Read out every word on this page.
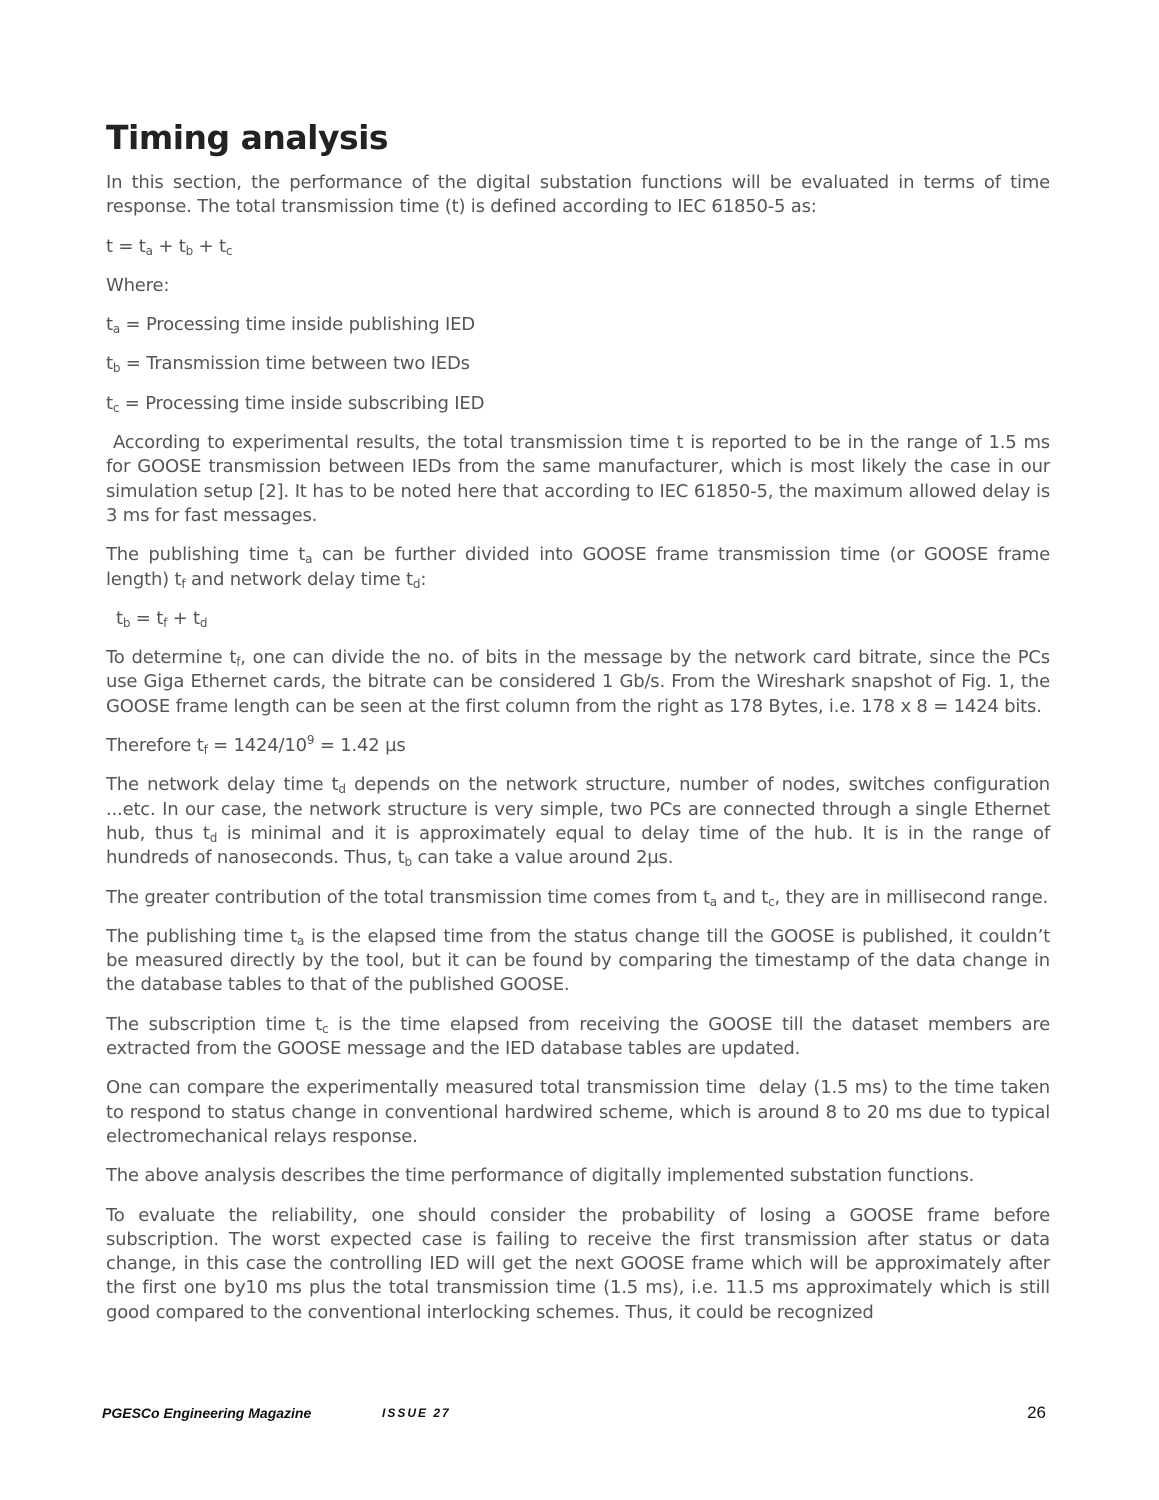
Timing analysis

In this section, the performance of the digital substation functions will be evaluated in terms of time response. The total transmission time (t) is defined according to IEC 61850-5 as:

$t = t_a + t_b + t_c$

Where:

$t_a$ = Processing time inside publishing IED

$t_b$ = Transmission time between two IEDs

$t_c$ = Processing time inside subscribing IED

According to experimental results, the total transmission time t is reported to be in the range of 1.5 ms for GOOSE transmission between IEDs from the same manufacturer, which is most likely the case in our simulation setup [2]. It has to be noted here that according to IEC 61850-5, the maximum allowed delay is 3 ms for fast messages.

The publishing time $t_a$ can be further divided into GOOSE frame transmission time (or GOOSE frame length) $t_f$ and network delay time $t_d$:

$t_b = t_f + t_d$

To determine $t_f$, one can divide the no. of bits in the message by the network card bitrate, since the PCs use Giga Ethernet cards, the bitrate can be considered 1 Gb/s. From the Wireshark snapshot of Fig. 1, the GOOSE frame length can be seen at the first column from the right as 178 Bytes, i.e. 178 x 8 = 1424 bits.

Therefore $t_f = 1424/10^9 = 1.42$ µs

The network delay time $t_d$ depends on the network structure, number of nodes, switches configuration ...etc. In our case, the network structure is very simple, two PCs are connected through a single Ethernet hub, thus $t_d$ is minimal and it is approximately equal to delay time of the hub. It is in the range of hundreds of nanoseconds. Thus, $t_b$ can take a value around 2µs.

The greater contribution of the total transmission time comes from $t_a$ and $t_c$, they are in millisecond range.

The publishing time $t_a$ is the elapsed time from the status change till the GOOSE is published, it couldn’t be measured directly by the tool, but it can be found by comparing the timestamp of the data change in the database tables to that of the published GOOSE.

The subscription time $t_c$ is the time elapsed from receiving the GOOSE till the dataset members are extracted from the GOOSE message and the IED database tables are updated.

One can compare the experimentally measured total transmission time  delay (1.5 ms) to the time taken to respond to status change in conventional hardwired scheme, which is around 8 to 20 ms due to typical electromechanical relays response.

The above analysis describes the time performance of digitally implemented substation functions.

To evaluate the reliability, one should consider the probability of losing a GOOSE frame before subscription. The worst expected case is failing to receive the first transmission after status or data change, in this case the controlling IED will get the next GOOSE frame which will be approximately after the first one by10 ms plus the total transmission time (1.5 ms), i.e. 11.5 ms approximately which is still good compared to the conventional interlocking schemes. Thus, it could be recognized

PGESCo Engineering Magazine	ISSUE 27	26
